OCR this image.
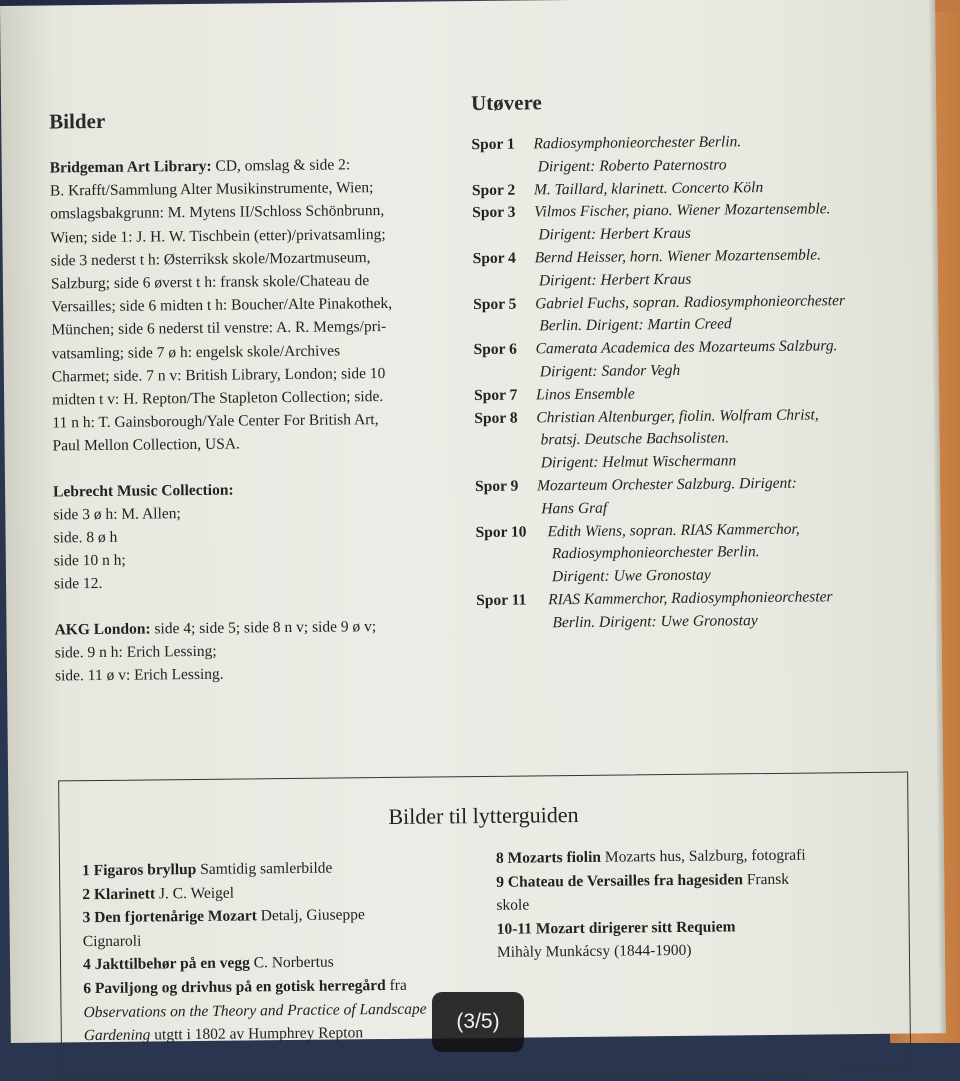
Bilder
Bridgeman Art Library: CD, omslag & side 2:
B. Krafft/Sammlung Alter Musikinstrumente, Wien;
omslagsbakgrunn: M. Mytens II/Schloss Schönbrunn,
Wien; side 1: J. H. W. Tischbein (etter)/privatsamling;
side 3 nederst t h: Østerriksk skole/Mozartmuseum,
Salzburg; side 6 øverst t h: fransk skole/Chateau de
Versailles; side 6 midten t h: Boucher/Alte Pinakothek,
München; side 6 nederst til venstre: A. R. Memgs/pri-
vatsamling; side 7 ø h: engelsk skole/Archives
Charmet; side. 7 n v: British Library, London; side 10
midten t v: H. Repton/The Stapleton Collection; side.
11 n h: T. Gainsborough/Yale Center For British Art,
Paul Mellon Collection, USA.
Lebrecht Music Collection:
side 3 ø h: M. Allen;
side. 8 ø h
side 10 n h;
side 12.
AKG London: side 4; side 5; side 8 n v; side 9 ø v;
side. 9 n h: Erich Lessing;
side. 11 ø v: Erich Lessing.
Utøvere
Spor 1 Radiosymphonieorchester Berlin.
Dirigent: Roberto Paternostro
Spor 2 M. Taillard, klarinett. Concerto Köln
Spor 3 Vilmos Fischer, piano. Wiener Mozartensemble.
Dirigent: Herbert Kraus
Spor 4 Bernd Heisser, horn. Wiener Mozartensemble.
Dirigent: Herbert Kraus
Spor 5 Gabriel Fuchs, sopran. Radiosymphonieorchester
Berlin. Dirigent: Martin Creed
Spor 6 Camerata Academica des Mozarteums Salzburg.
Dirigent: Sandor Vegh
Spor 7 Linos Ensemble
Spor 8 Christian Altenburger, fiolin. Wolfram Christ,
bratsj. Deutsche Bachsolisten.
Dirigent: Helmut Wischermann
Spor 9 Mozarteum Orchester Salzburg. Dirigent:
Hans Graf
Spor 10 Edith Wiens, sopran. RIAS Kammerchor,
Radiosymphonieorchester Berlin.
Dirigent: Uwe Gronostay
Spor 11 RIAS Kammerchor, Radiosymphonieorchester
Berlin. Dirigent: Uwe Gronostay
Bilder til lytterguiden
1 Figaros bryllup Samtidig samlerbilde
2 Klarinett J. C. Weigel
3 Den fjortenårige Mozart Detalj, Giuseppe
Cignaroli
4 Jakttilbehør på en vegg C. Norbertus
6 Paviljong og drivhus på en gotisk herregård fra
Observations on the Theory and Practice of Landscape
Gardening utgtt i 1802 av Humphrey Repton
8 Mozarts fiolin Mozarts hus, Salzburg, fotografi
9 Chateau de Versailles fra hagesiden Fransk
skole
10-11 Mozart dirigerer sitt Requiem
Mihàly Munkácsy (1844-1900)
(3/5)
